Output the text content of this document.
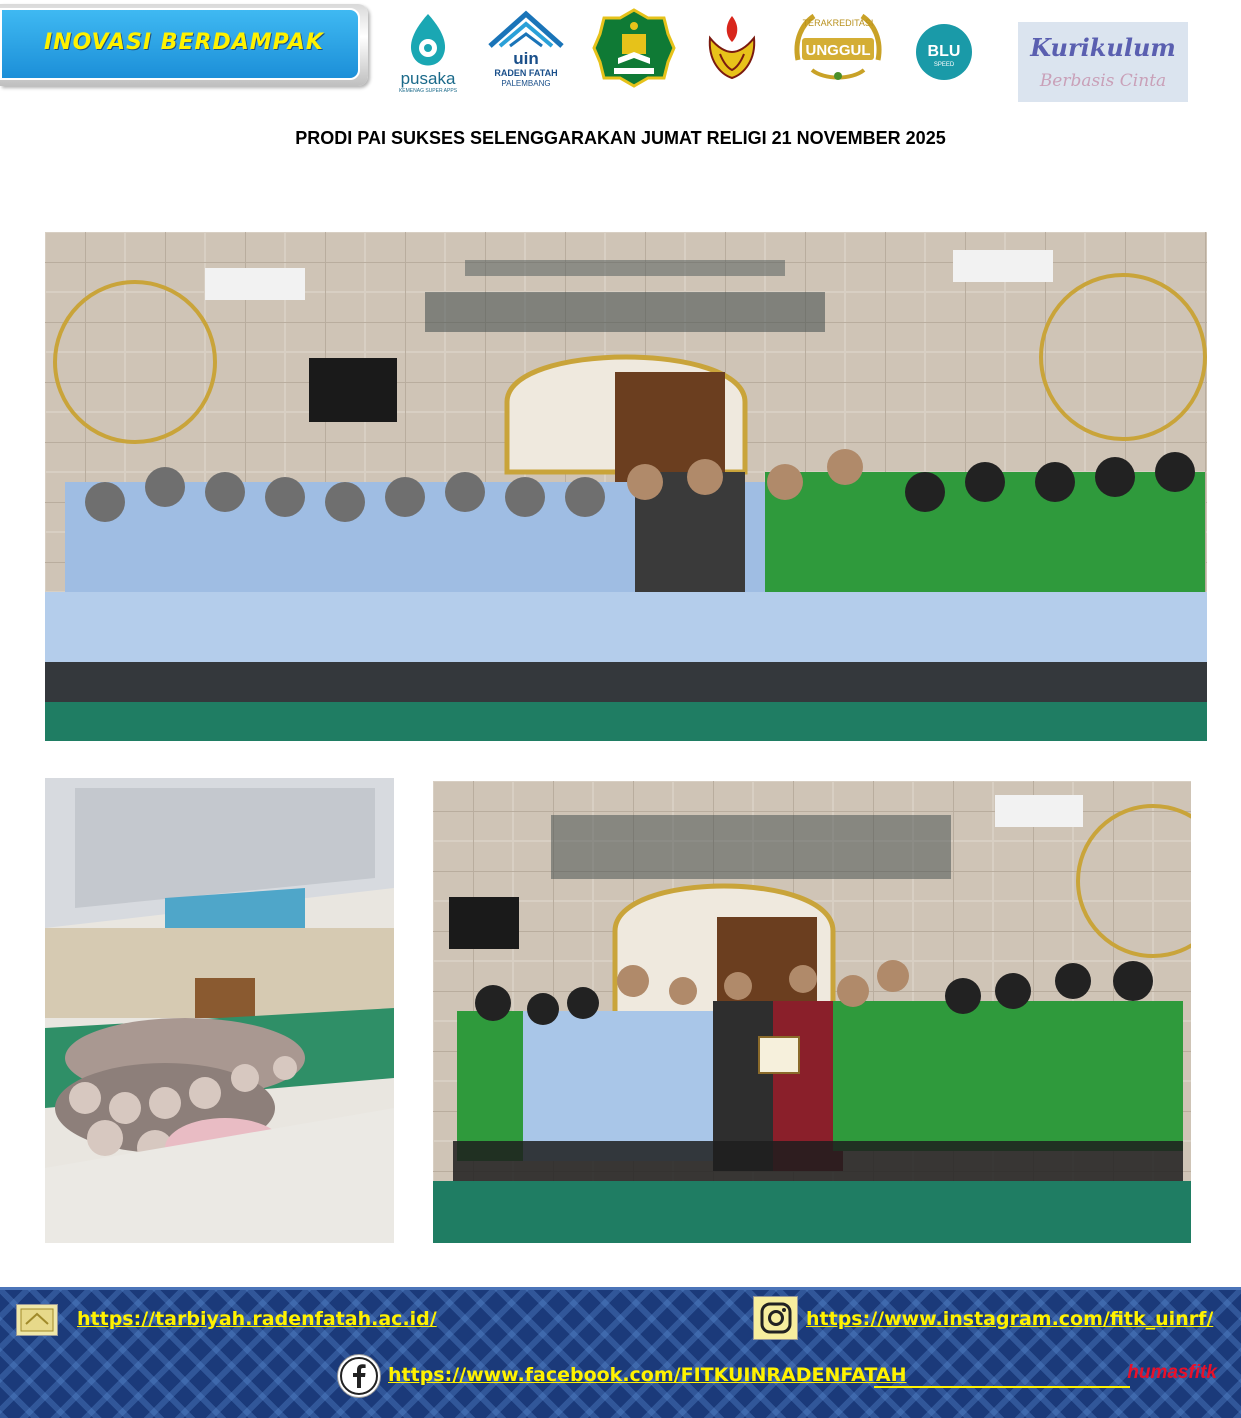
INOVASI BERDAMPAK
pusaka
KEMENAG SUPER APPS
uin
RADEN FATAH
PALEMBANG
TERAKREDITASI
UNGGUL	BLU
SPEED
Kurikulum
Berbasis Cinta
PRODI PAI SUKSES SELENGGARAKAN JUMAT RELIGI 21 NOVEMBER 2025
https://tarbiyah.radenfatah.ac.id/	https://www.instagram.com/fitk_uinrf/
https://www.facebook.com/FITKUINRADENFATAH	humasfitk
